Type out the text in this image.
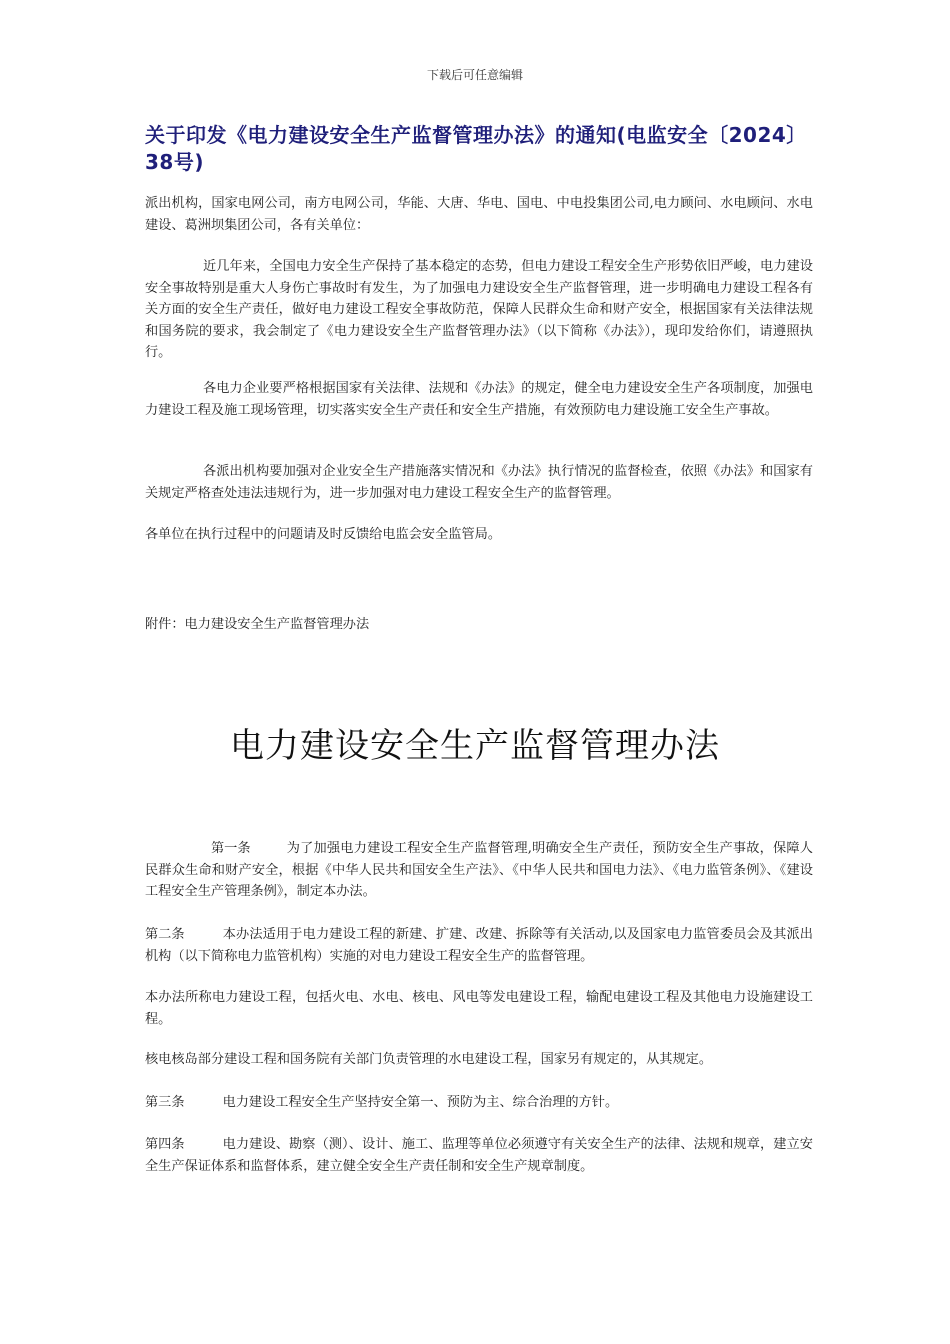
下载后可任意编辑
关于印发《电力建设安全生产监督管理办法》的通知(电监安全〔2024〕38号)
派出机构，国家电网公司，南方电网公司，华能、大唐、华电、国电、中电投集团公司,电力顾问、水电顾问、水电建设、葛洲坝集团公司，各有关单位：
近几年来，全国电力安全生产保持了基本稳定的态势，但电力建设工程安全生产形势依旧严峻，电力建设安全事故特别是重大人身伤亡事故时有发生，为了加强电力建设安全生产监督管理，进一步明确电力建设工程各有关方面的安全生产责任，做好电力建设工程安全事故防范，保障人民群众生命和财产安全，根据国家有关法律法规和国务院的要求，我会制定了《电力建设安全生产监督管理办法》（以下简称《办法》），现印发给你们，请遵照执行。
各电力企业要严格根据国家有关法律、法规和《办法》的规定，健全电力建设安全生产各项制度，加强电力建设工程及施工现场管理，切实落实安全生产责任和安全生产措施，有效预防电力建设施工安全生产事故。
各派出机构要加强对企业安全生产措施落实情况和《办法》执行情况的监督检查，依照《办法》和国家有关规定严格查处违法违规行为，进一步加强对电力建设工程安全生产的监督管理。
各单位在执行过程中的问题请及时反馈给电监会安全监管局。
附件：电力建设安全生产监督管理办法
电力建设安全生产监督管理办法
第一条	为了加强电力建设工程安全生产监督管理,明确安全生产责任，预防安全生产事故，保障人民群众生命和财产安全，根据《中华人民共和国安全生产法》、《中华人民共和国电力法》、《电力监管条例》、《建设工程安全生产管理条例》，制定本办法。
第二条	本办法适用于电力建设工程的新建、扩建、改建、拆除等有关活动,以及国家电力监管委员会及其派出机构（以下简称电力监管机构）实施的对电力建设工程安全生产的监督管理。
本办法所称电力建设工程，包括火电、水电、核电、风电等发电建设工程，输配电建设工程及其他电力设施建设工程。
核电核岛部分建设工程和国务院有关部门负责管理的水电建设工程，国家另有规定的，从其规定。
第三条	电力建设工程安全生产坚持安全第一、预防为主、综合治理的方针。
第四条	电力建设、勘察（测）、设计、施工、监理等单位必须遵守有关安全生产的法律、法规和规章，建立安全生产保证体系和监督体系，建立健全安全生产责任制和安全生产规章制度。
